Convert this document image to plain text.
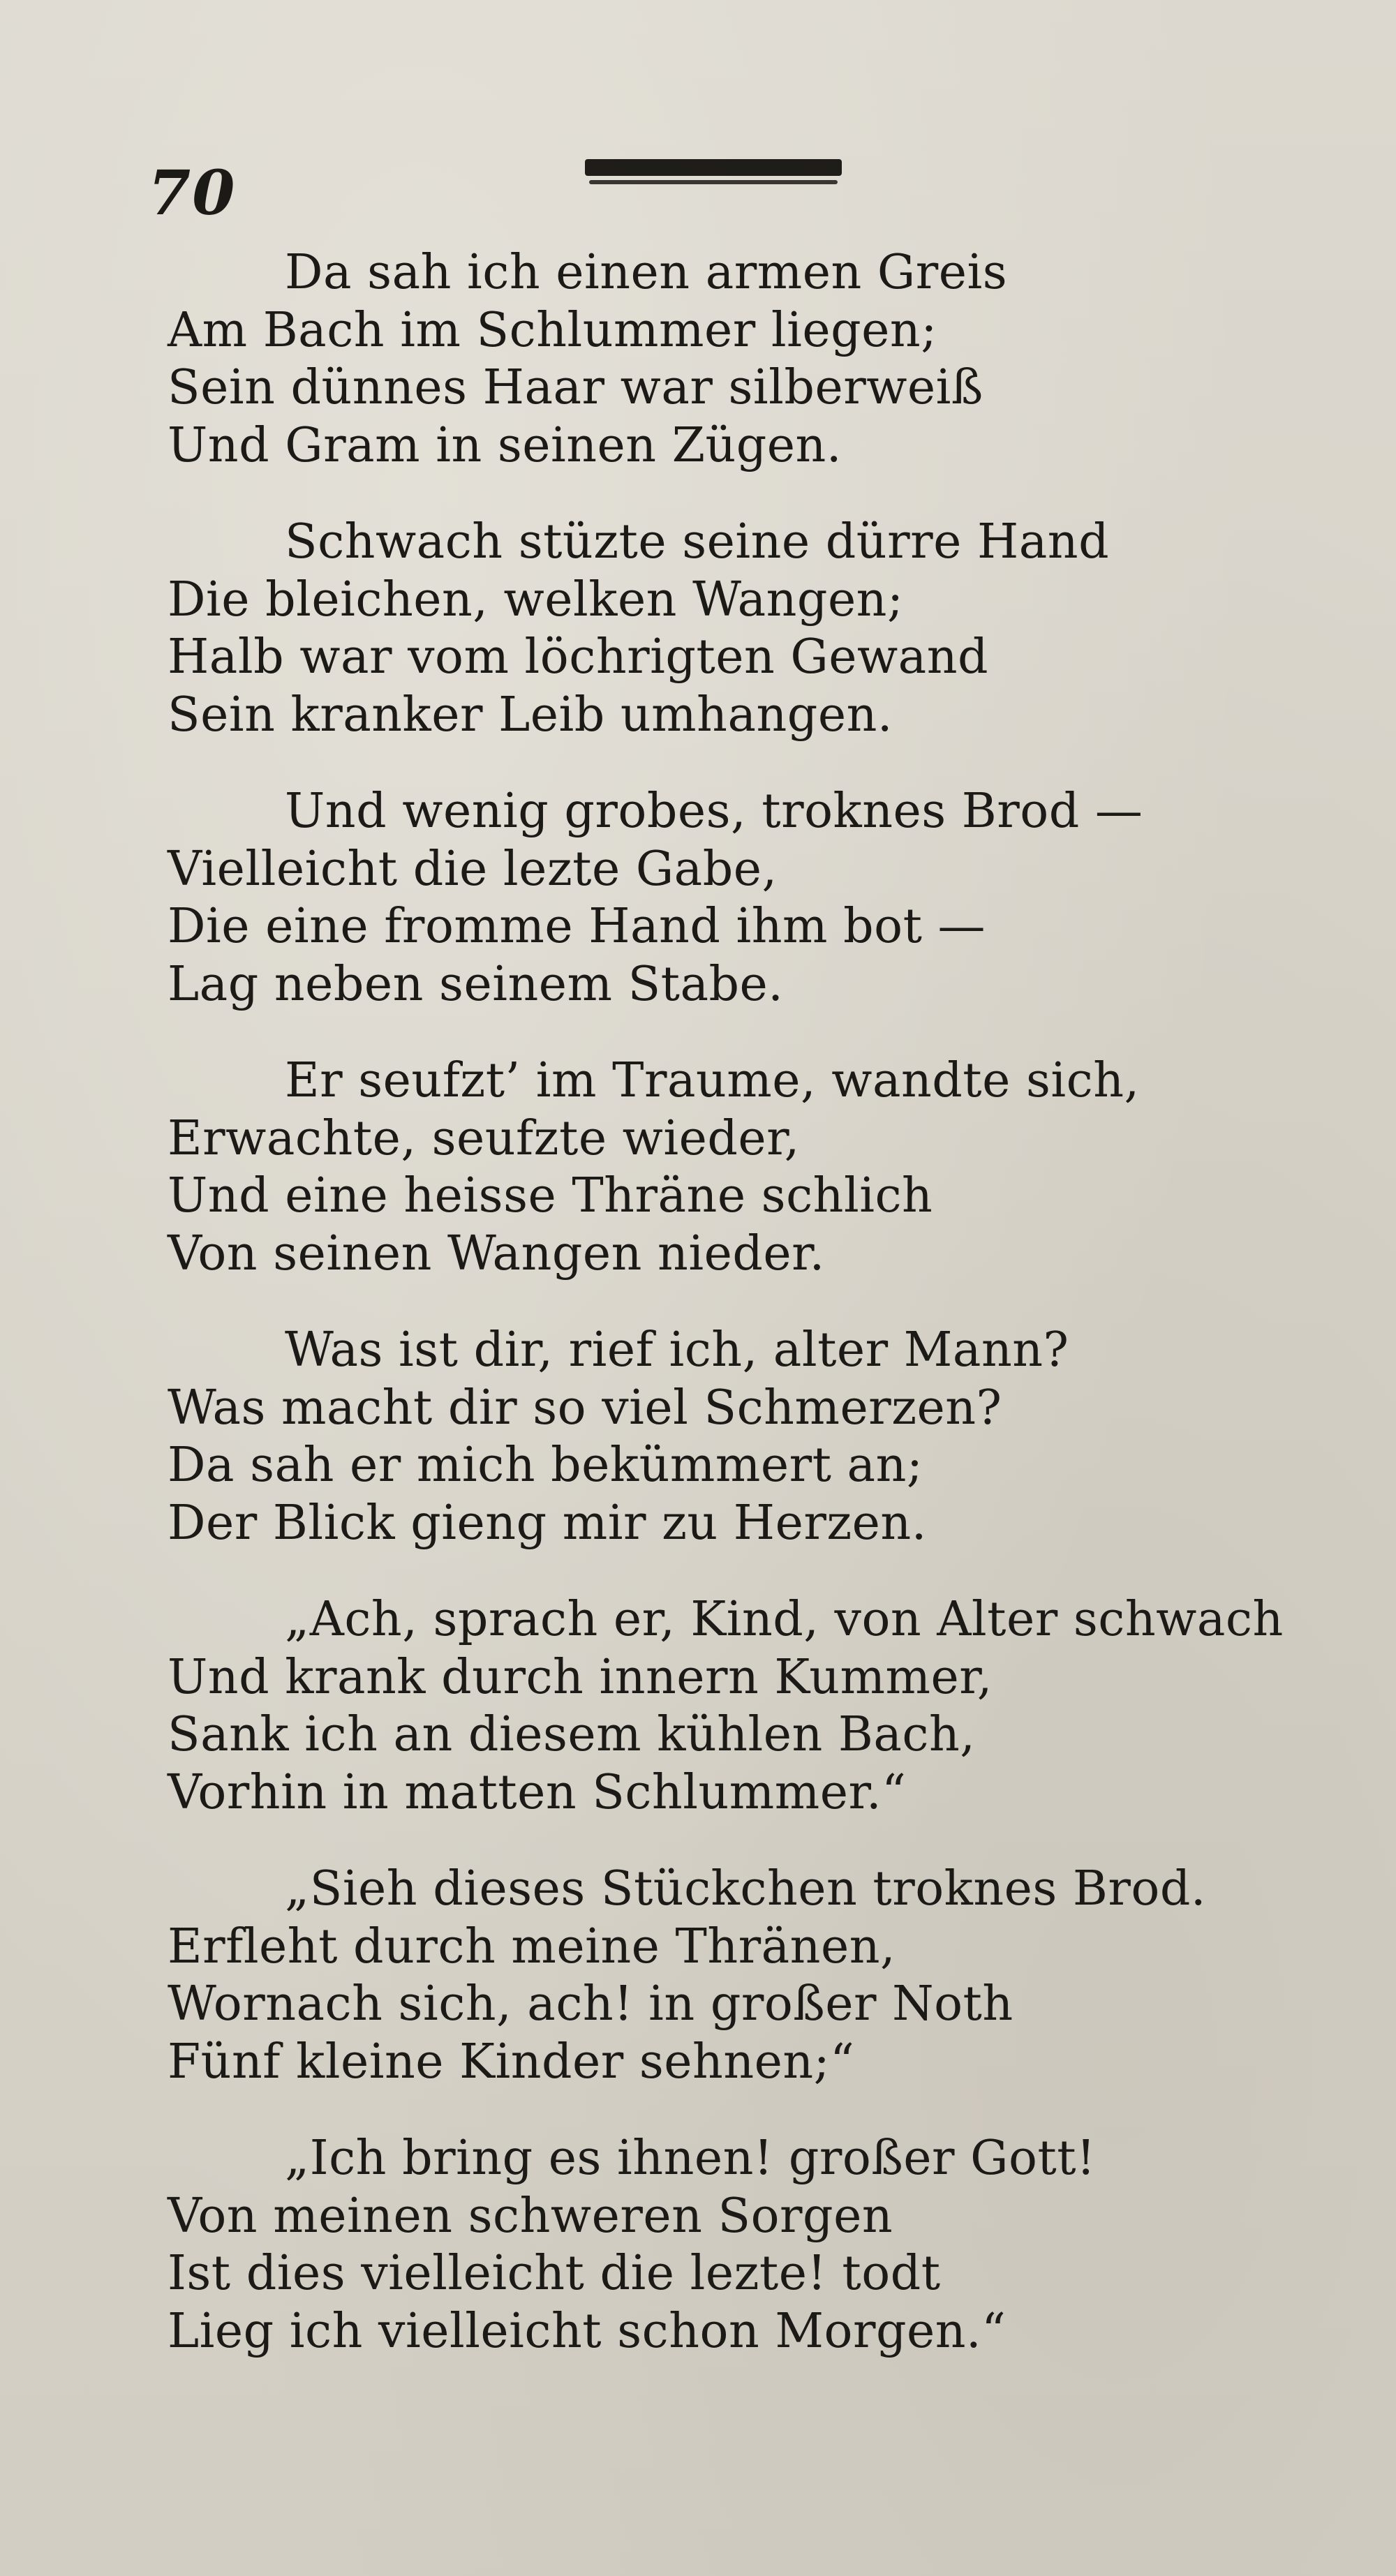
70
Da sah ich einen armen Greis
Am Bach im Schlummer liegen;
Sein dünnes Haar war silberweiß
Und Gram in seinen Zügen.
Schwach stüzte seine dürre Hand
Die bleichen, welken Wangen;
Halb war vom löchrigten Gewand
Sein kranker Leib umhangen.
Und wenig grobes, troknes Brod —
Vielleicht die lezte Gabe,
Die eine fromme Hand ihm bot —
Lag neben seinem Stabe.
Er seufzt’ im Traume, wandte sich,
Erwachte, seufzte wieder,
Und eine heisse Thräne schlich
Von seinen Wangen nieder.
Was ist dir, rief ich, alter Mann?
Was macht dir so viel Schmerzen?
Da sah er mich bekümmert an;
Der Blick gieng mir zu Herzen.
„Ach, sprach er, Kind, von Alter schwach
Und krank durch innern Kummer,
Sank ich an diesem kühlen Bach,
Vorhin in matten Schlummer.“
„Sieh dieses Stückchen troknes Brod.
Erfleht durch meine Thränen,
Wornach sich, ach! in großer Noth
Fünf kleine Kinder sehnen;“
„Ich bring es ihnen! großer Gott!
Von meinen schweren Sorgen
Ist dies vielleicht die lezte! todt
Lieg ich vielleicht schon Morgen.“
